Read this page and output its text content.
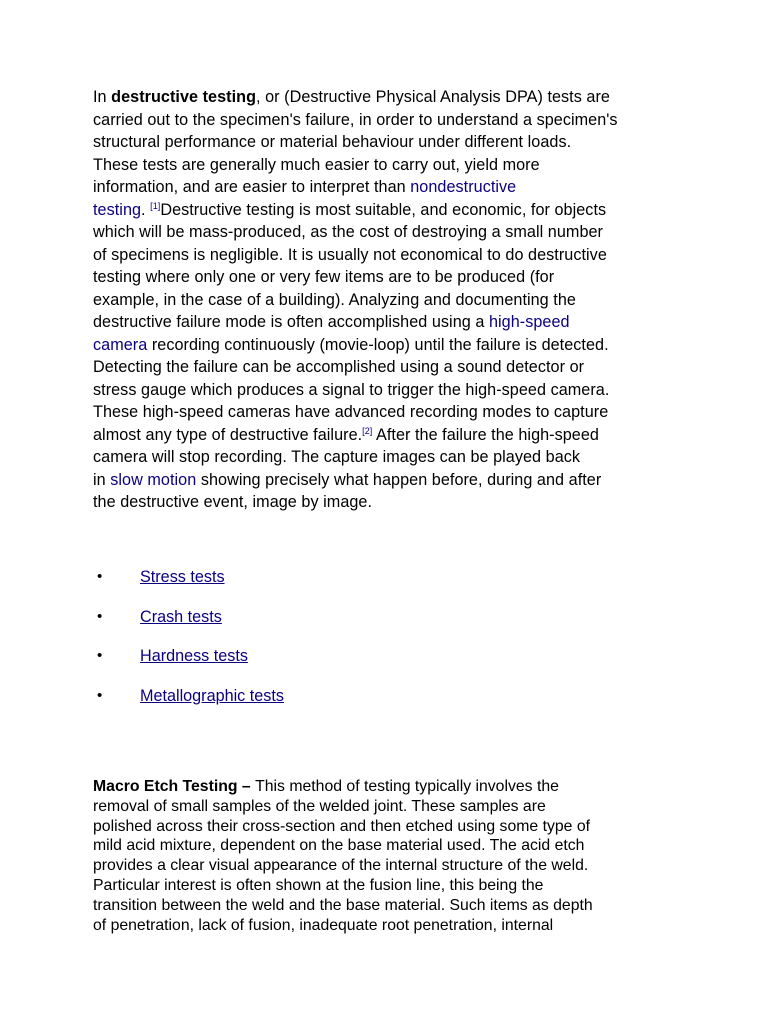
In destructive testing, or (Destructive Physical Analysis DPA) tests are
carried out to the specimen's failure, in order to understand a specimen's
structural performance or material behaviour under different loads.
These tests are generally much easier to carry out, yield more
information, and are easier to interpret than nondestructive
testing. [1]Destructive testing is most suitable, and economic, for objects
which will be mass-produced, as the cost of destroying a small number
of specimens is negligible. It is usually not economical to do destructive
testing where only one or very few items are to be produced (for
example, in the case of a building). Analyzing and documenting the
destructive failure mode is often accomplished using a high-speed
camera recording continuously (movie-loop) until the failure is detected.
Detecting the failure can be accomplished using a sound detector or
stress gauge which produces a signal to trigger the high-speed camera.
These high-speed cameras have advanced recording modes to capture
almost any type of destructive failure.[2] After the failure the high-speed
camera will stop recording. The capture images can be played back
in slow motion showing precisely what happen before, during and after
the destructive event, image by image.
• Stress tests
• Crash tests
• Hardness tests
• Metallographic tests
Macro Etch Testing – This method of testing typically involves the
removal of small samples of the welded joint. These samples are
polished across their cross-section and then etched using some type of
mild acid mixture, dependent on the base material used. The acid etch
provides a clear visual appearance of the internal structure of the weld.
Particular interest is often shown at the fusion line, this being the
transition between the weld and the base material. Such items as depth
of penetration, lack of fusion, inadequate root penetration, internal
